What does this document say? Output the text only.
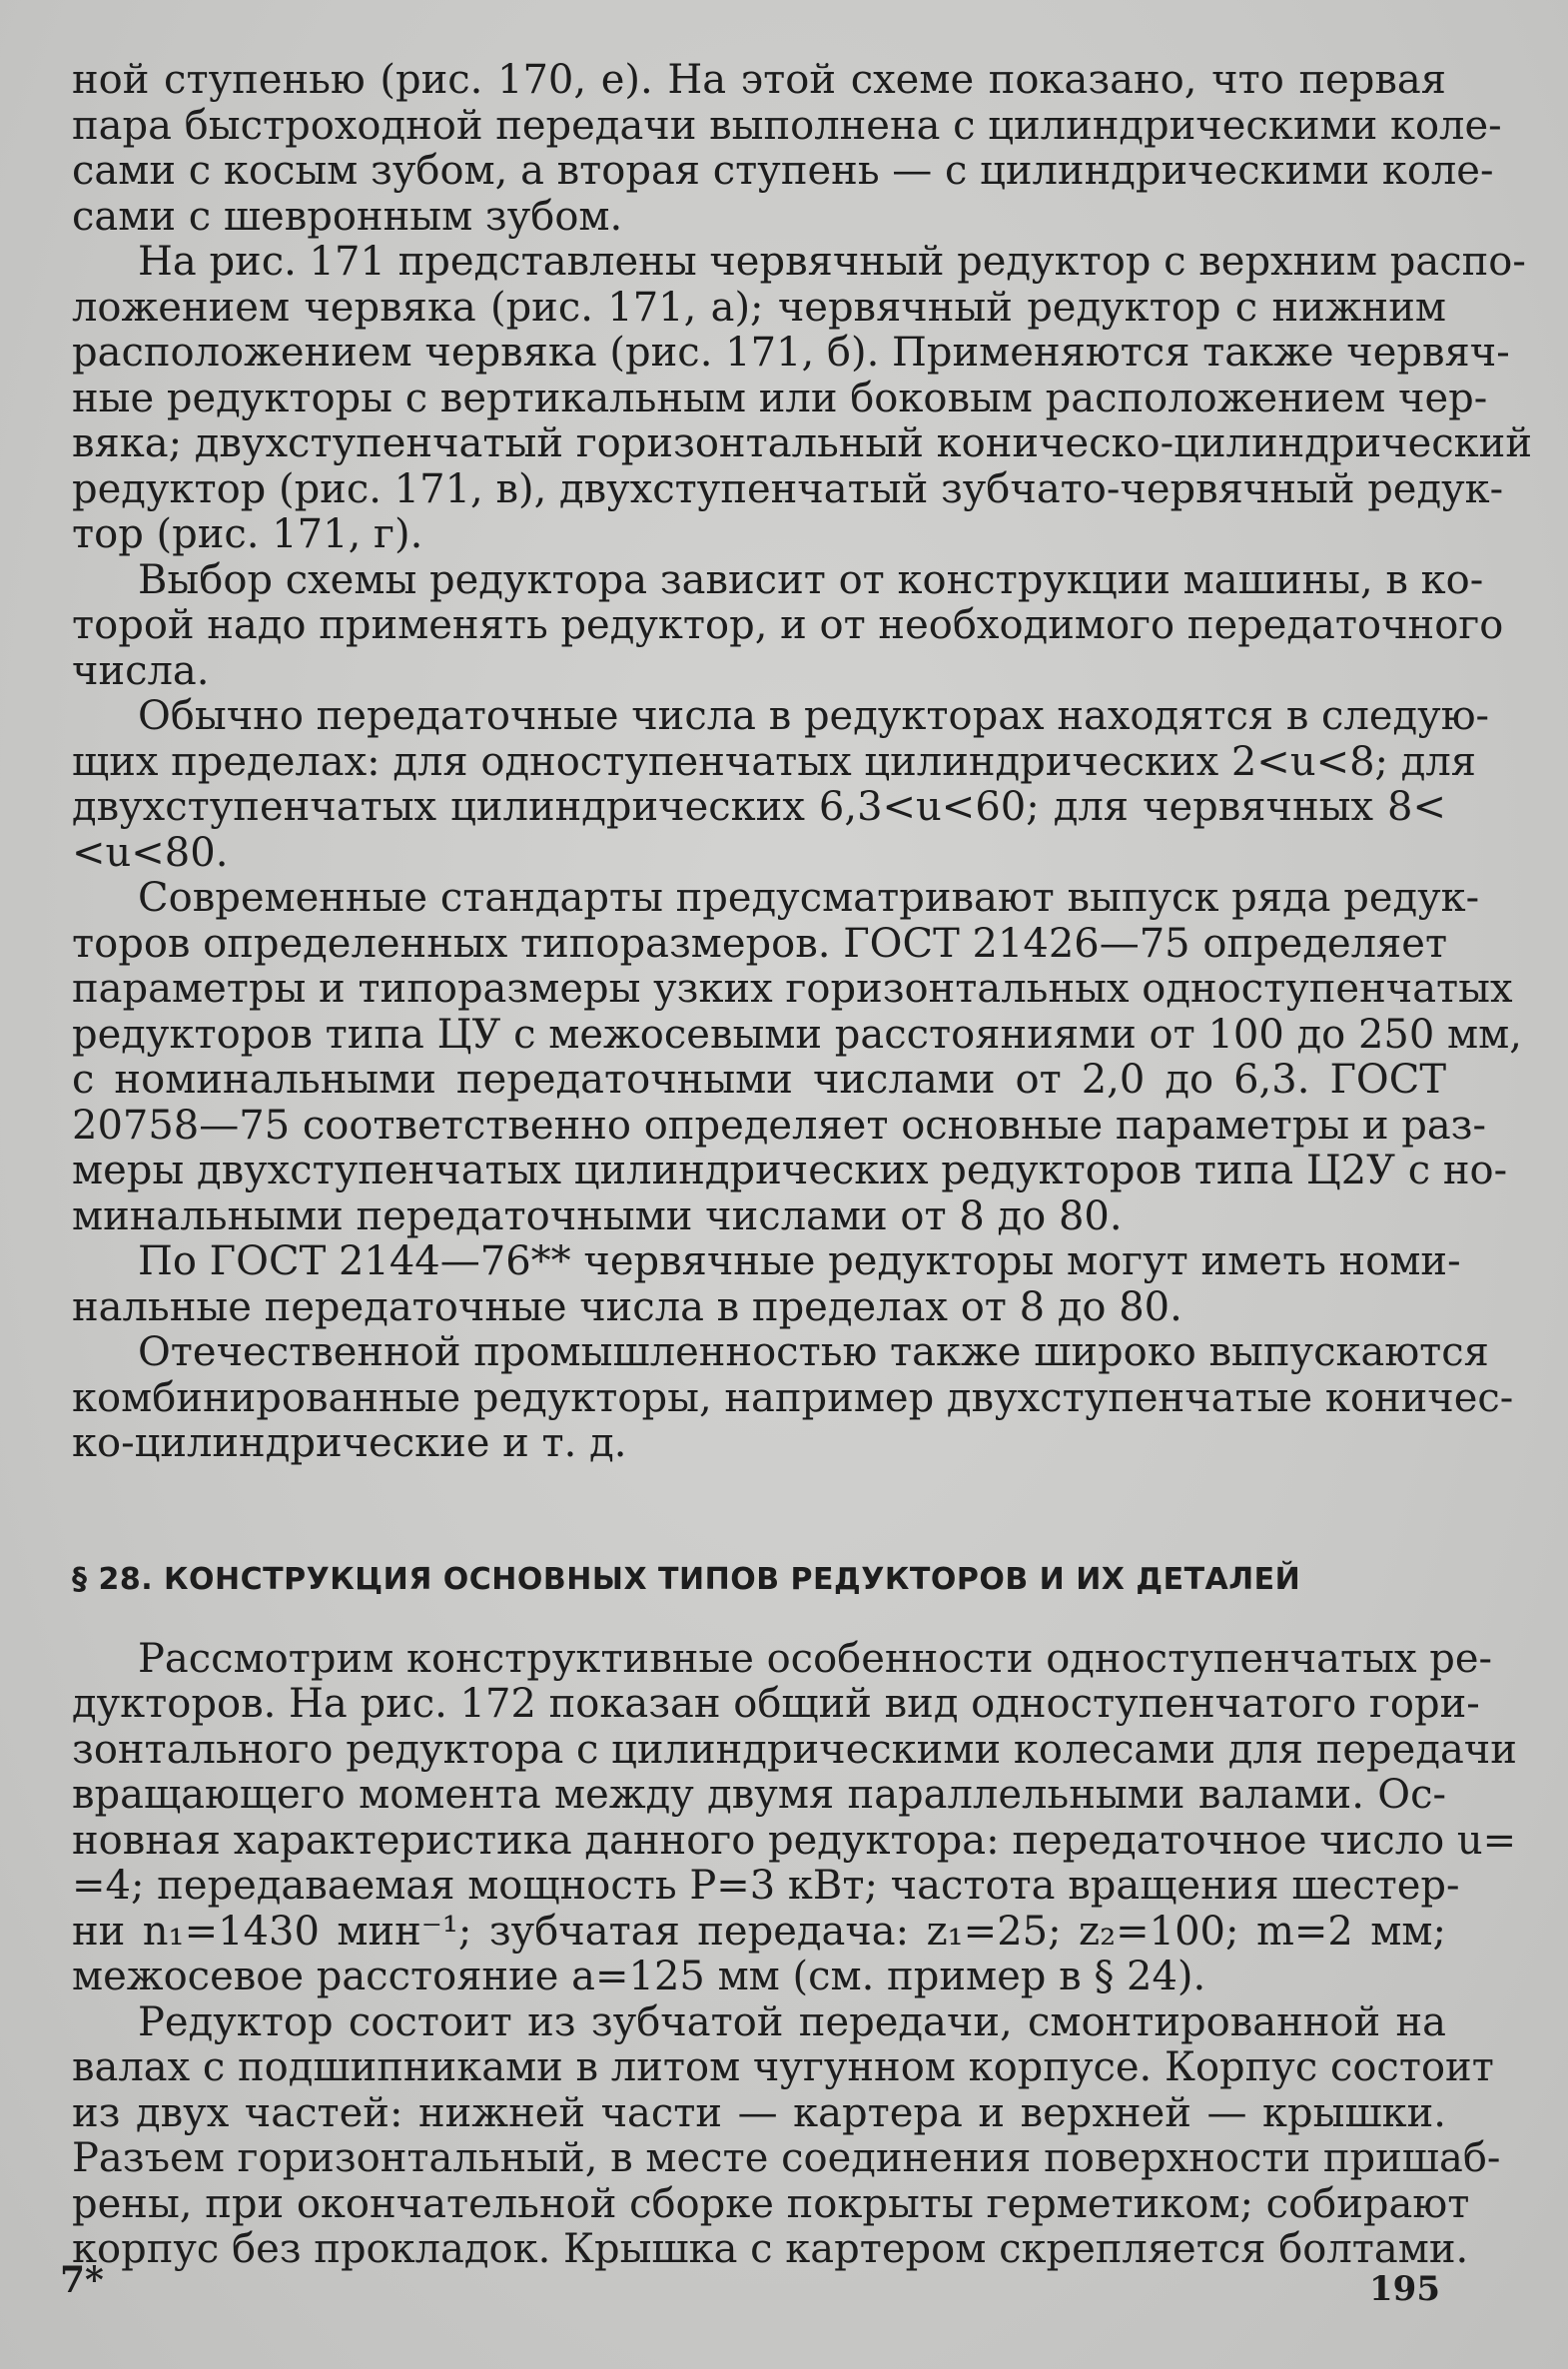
ной ступенью (рис. 170, е). На этой схеме показано, что первая
пара быстроходной передачи выполнена с цилиндрическими коле-
сами с косым зубом, а вторая ступень — с цилиндрическими коле-
сами с шевронным зубом.

На рис. 171 представлены червячный редуктор с верхним распо-
ложением червяка (рис. 171, а); червячный редуктор с нижним
расположением червяка (рис. 171, б). Применяются также червяч-
ные редукторы с вертикальным или боковым расположением чер-
вяка; двухступенчатый горизонтальный коническо-цилиндрический
редуктор (рис. 171, в), двухступенчатый зубчато-червячный редук-
тор (рис. 171, г).

Выбор схемы редуктора зависит от конструкции машины, в ко-
торой надо применять редуктор, и от необходимого передаточного
числа.

Обычно передаточные числа в редукторах находятся в следую-
щих пределах: для одноступенчатых цилиндрических 2<u<8; для
двухступенчатых цилиндрических 6,3<u<60; для червячных 8<
<u<80.

Современные стандарты предусматривают выпуск ряда редук-
торов определенных типоразмеров. ГОСТ 21426—75 определяет
параметры и типоразмеры узких горизонтальных одноступенчатых
редукторов типа ЦУ с межосевыми расстояниями от 100 до 250 мм,
с номинальными передаточными числами от 2,0 до 6,3. ГОСТ
20758—75 соответственно определяет основные параметры и раз-
меры двухступенчатых цилиндрических редукторов типа Ц2У с но-
минальными передаточными числами от 8 до 80.

По ГОСТ 2144—76** червячные редукторы могут иметь номи-
нальные передаточные числа в пределах от 8 до 80.

Отечественной промышленностью также широко выпускаются
комбинированные редукторы, например двухступенчатые коничес-
ко-цилиндрические и т. д.

§ 28. КОНСТРУКЦИЯ ОСНОВНЫХ ТИПОВ РЕДУКТОРОВ И ИХ ДЕТАЛЕЙ

Рассмотрим конструктивные особенности одноступенчатых ре-
дукторов. На рис. 172 показан общий вид одноступенчатого гори-
зонтального редуктора с цилиндрическими колесами для передачи
вращающего момента между двумя параллельными валами. Ос-
новная характеристика данного редуктора: передаточное число u=
=4; передаваемая мощность P=3 кВт; частота вращения шестер-
ни n₁=1430 мин⁻¹; зубчатая передача: z₁=25; z₂=100; m=2 мм;
межосевое расстояние a=125 мм (см. пример в § 24).

Редуктор состоит из зубчатой передачи, смонтированной на
валах с подшипниками в литом чугунном корпусе. Корпус состоит
из двух частей: нижней части — картера и верхней — крышки.
Разъем горизонтальный, в месте соединения поверхности пришаб-
рены, при окончательной сборке покрыты герметиком; собирают
корпус без прокладок. Крышка с картером скрепляется болтами.

7*	195
